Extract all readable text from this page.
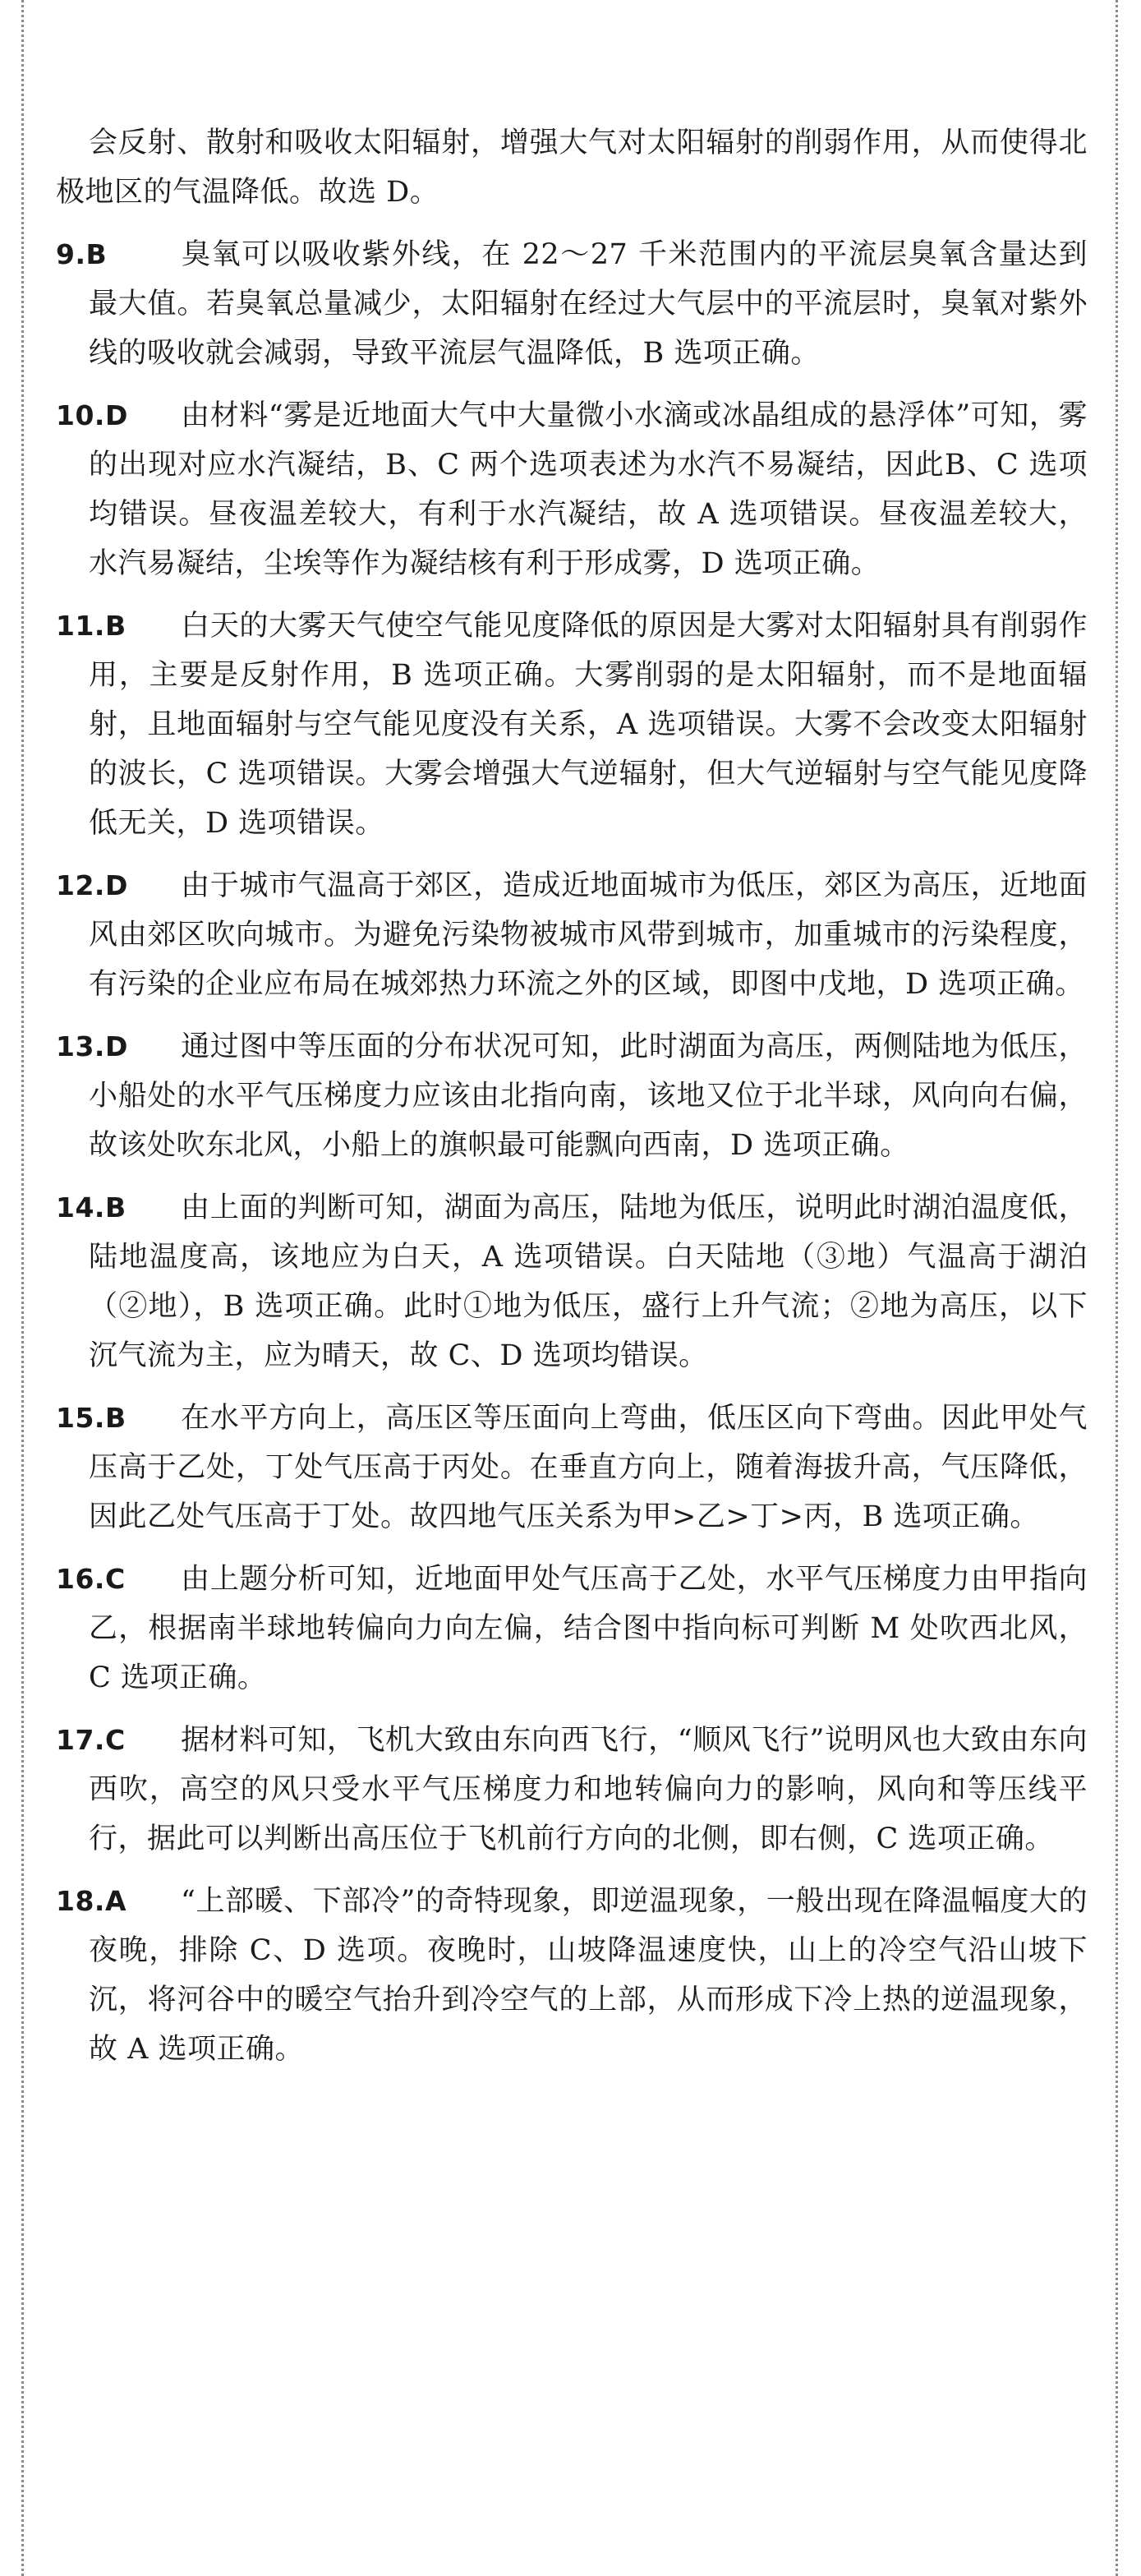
会反射、散射和吸收太阳辐射，增强大气对太阳辐射的削弱作用，从而使得北极地区的气温降低。故选 D。

9.B	臭氧可以吸收紫外线，在 22～27 千米范围内的平流层臭氧含量达到最大值。若臭氧总量减少，太阳辐射在经过大气层中的平流层时，臭氧对紫外线的吸收就会减弱，导致平流层气温降低，B 选项正确。

10.D 由材料“雾是近地面大气中大量微小水滴或冰晶组成的悬浮体”可知，雾的出现对应水汽凝结，B、C 两个选项表述为水汽不易凝结，因此B、C 选项均错误。昼夜温差较大，有利于水汽凝结，故 A 选项错误。昼夜温差较大，水汽易凝结，尘埃等作为凝结核有利于形成雾，D 选项正确。

11.B 白天的大雾天气使空气能见度降低的原因是大雾对太阳辐射具有削弱作用，主要是反射作用，B 选项正确。大雾削弱的是太阳辐射，而不是地面辐射，且地面辐射与空气能见度没有关系，A 选项错误。大雾不会改变太阳辐射的波长，C 选项错误。大雾会增强大气逆辐射，但大气逆辐射与空气能见度降低无关，D 选项错误。

12.D 由于城市气温高于郊区，造成近地面城市为低压，郊区为高压，近地面风由郊区吹向城市。为避免污染物被城市风带到城市，加重城市的污染程度，有污染的企业应布局在城郊热力环流之外的区域，即图中戊地，D 选项正确。

13.D 通过图中等压面的分布状况可知，此时湖面为高压，两侧陆地为低压，小船处的水平气压梯度力应该由北指向南，该地又位于北半球，风向向右偏，故该处吹东北风，小船上的旗帜最可能飘向西南，D 选项正确。

14.B 由上面的判断可知，湖面为高压，陆地为低压，说明此时湖泊温度低，陆地温度高，该地应为白天，A 选项错误。白天陆地（③地）气温高于湖泊（②地），B 选项正确。此时①地为低压，盛行上升气流；②地为高压，以下沉气流为主，应为晴天，故 C、D 选项均错误。

15.B 在水平方向上，高压区等压面向上弯曲，低压区向下弯曲。因此甲处气压高于乙处，丁处气压高于丙处。在垂直方向上，随着海拔升高，气压降低，因此乙处气压高于丁处。故四地气压关系为甲>乙>丁>丙，B 选项正确。

16.C 由上题分析可知，近地面甲处气压高于乙处，水平气压梯度力由甲指向乙，根据南半球地转偏向力向左偏，结合图中指向标可判断 M 处吹西北风，C 选项正确。

17.C 据材料可知，飞机大致由东向西飞行，“顺风飞行”说明风也大致由东向西吹，高空的风只受水平气压梯度力和地转偏向力的影响，风向和等压线平行，据此可以判断出高压位于飞机前行方向的北侧，即右侧，C 选项正确。

18.A “上部暖、下部冷”的奇特现象，即逆温现象，一般出现在降温幅度大的夜晚，排除 C、D 选项。夜晚时，山坡降温速度快，山上的冷空气沿山坡下沉，将河谷中的暖空气抬升到冷空气的上部，从而形成下冷上热的逆温现象，故 A 选项正确。
